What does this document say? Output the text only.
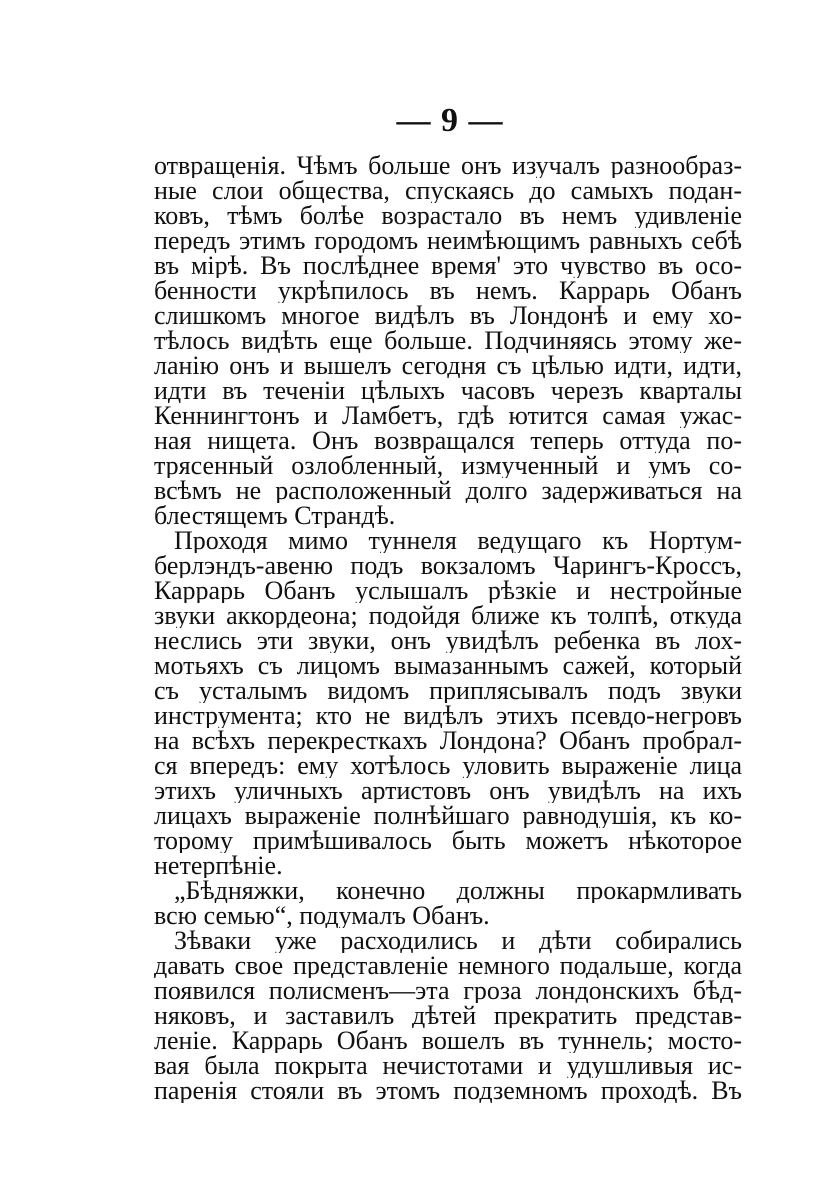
— 9 —
отвращенія. Чѣмъ больше онъ изучалъ разнообраз-
ные слои общества, спускаясь до самыхъ подан-
ковъ, тѣмъ болѣе возрастало въ немъ удивленіе
передъ этимъ городомъ неимѣющимъ равныхъ себѣ
въ мірѣ. Въ послѣднее время' это чувство въ осо-
бенности укрѣпилось въ немъ. Каррарь Обанъ
слишкомъ многое видѣлъ въ Лондонѣ и ему хо-
тѣлось видѣть еще больше. Подчиняясь этому же-
ланію онъ и вышелъ сегодня съ цѣлью идти, идти,
идти въ теченіи цѣлыхъ часовъ черезъ кварталы
Кеннингтонъ и Ламбетъ, гдѣ ютится самая ужас-
ная нищета. Онъ возвращался теперь оттуда по-
трясенный озлобленный, измученный и умъ со-
всѣмъ не расположенный долго задерживаться на
блестящемъ Страндѣ.
Проходя мимо туннеля ведущаго къ Нортум-
берлэндъ-авеню подъ вокзаломъ Чарингъ-Кроссъ,
Каррарь Обанъ услышалъ рѣзкіе и нестройные
звуки аккордеона; подойдя ближе къ толпѣ, откуда
неслись эти звуки, онъ увидѣлъ ребенка въ лох-
мотьяхъ съ лицомъ вымазаннымъ сажей, который
съ усталымъ видомъ приплясывалъ подъ звуки
инструмента; кто не видѣлъ этихъ псевдо-негровъ
на всѣхъ перекресткахъ Лондона? Обанъ пробрал-
ся впередъ: ему хотѣлось уловить выраженіе лица
этихъ уличныхъ артистовъ онъ увидѣлъ на ихъ
лицахъ выраженіе полнѣйшаго равнодушія, къ ко-
торому примѣшивалось быть можетъ нѣкоторое
нетерпѣніе.
„Бѣдняжки, конечно должны прокармливать
всю семью“, подумалъ Обанъ.
Зѣваки уже расходились и дѣти собирались
давать свое представленіе немного подальше, когда
появился полисменъ—эта гроза лондонскихъ бѣд-
няковъ, и заставилъ дѣтей прекратить представ-
леніе. Каррарь Обанъ вошелъ въ туннель; мосто-
вая была покрыта нечистотами и удушливыя ис-
паренія стояли въ этомъ подземномъ проходѣ. Въ
